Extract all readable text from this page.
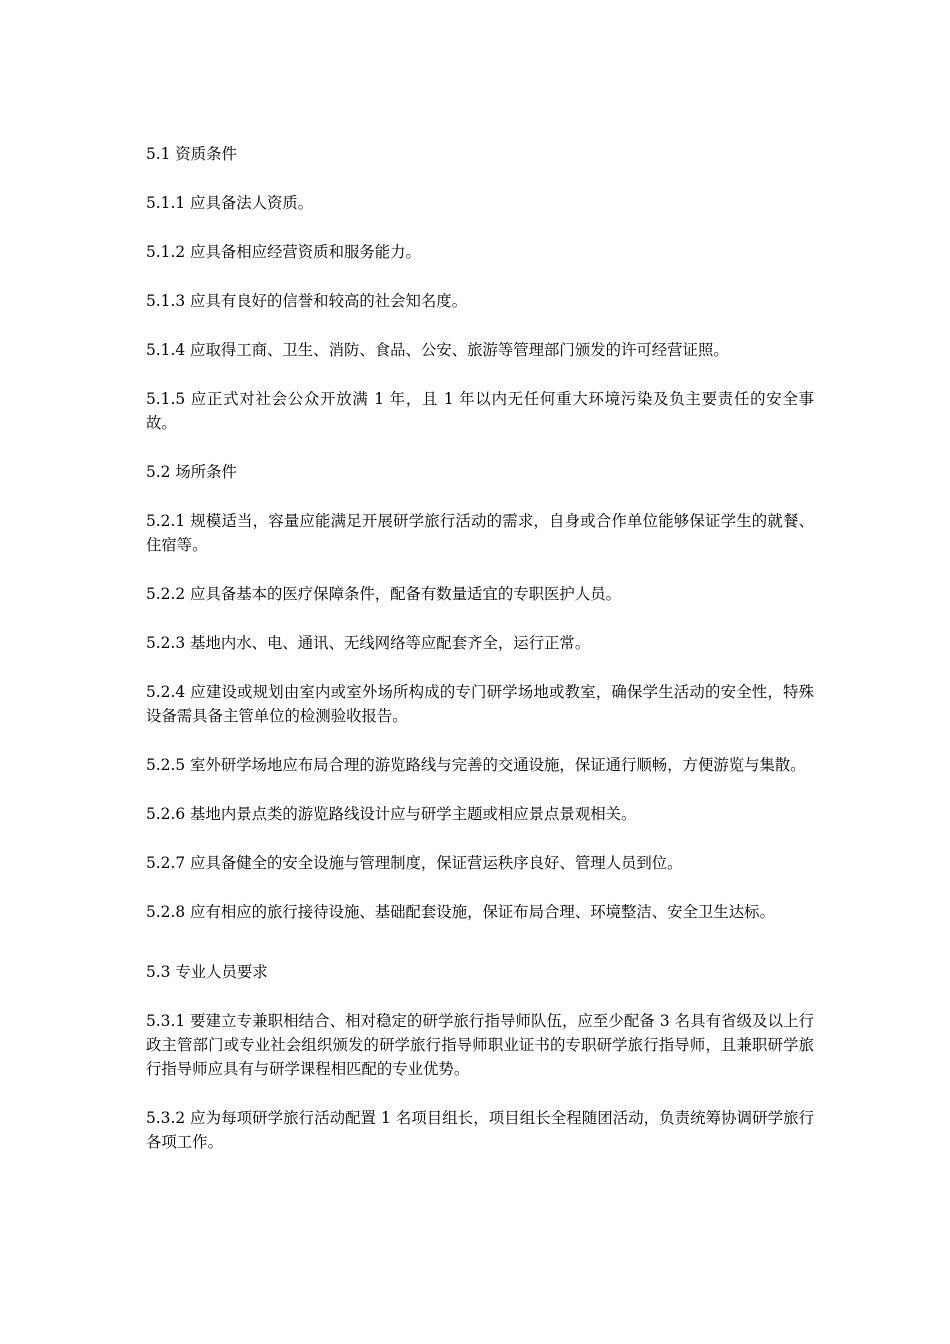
5.1 资质条件

5.1.1 应具备法人资质。

5.1.2 应具备相应经营资质和服务能力。

5.1.3 应具有良好的信誉和较高的社会知名度。

5.1.4 应取得工商、卫生、消防、食品、公安、旅游等管理部门颁发的许可经营证照。

5.1.5 应正式对社会公众开放满 1 年，且 1 年以内无任何重大环境污染及负主要责任的安全事故。

5.2 场所条件

5.2.1 规模适当，容量应能满足开展研学旅行活动的需求，自身或合作单位能够保证学生的就餐、住宿等。

5.2.2 应具备基本的医疗保障条件，配备有数量适宜的专职医护人员。

5.2.3 基地内水、电、通讯、无线网络等应配套齐全，运行正常。

5.2.4 应建设或规划由室内或室外场所构成的专门研学场地或教室，确保学生活动的安全性，特殊设备需具备主管单位的检测验收报告。

5.2.5 室外研学场地应布局合理的游览路线与完善的交通设施，保证通行顺畅，方便游览与集散。

5.2.6 基地内景点类的游览路线设计应与研学主题或相应景点景观相关。

5.2.7 应具备健全的安全设施与管理制度，保证营运秩序良好、管理人员到位。

5.2.8 应有相应的旅行接待设施、基础配套设施，保证布局合理、环境整洁、安全卫生达标。

5.3 专业人员要求

5.3.1 要建立专兼职相结合、相对稳定的研学旅行指导师队伍，应至少配备 3 名具有省级及以上行政主管部门或专业社会组织颁发的研学旅行指导师职业证书的专职研学旅行指导师，且兼职研学旅行指导师应具有与研学课程相匹配的专业优势。

5.3.2 应为每项研学旅行活动配置 1 名项目组长，项目组长全程随团活动，负责统筹协调研学旅行各项工作。
